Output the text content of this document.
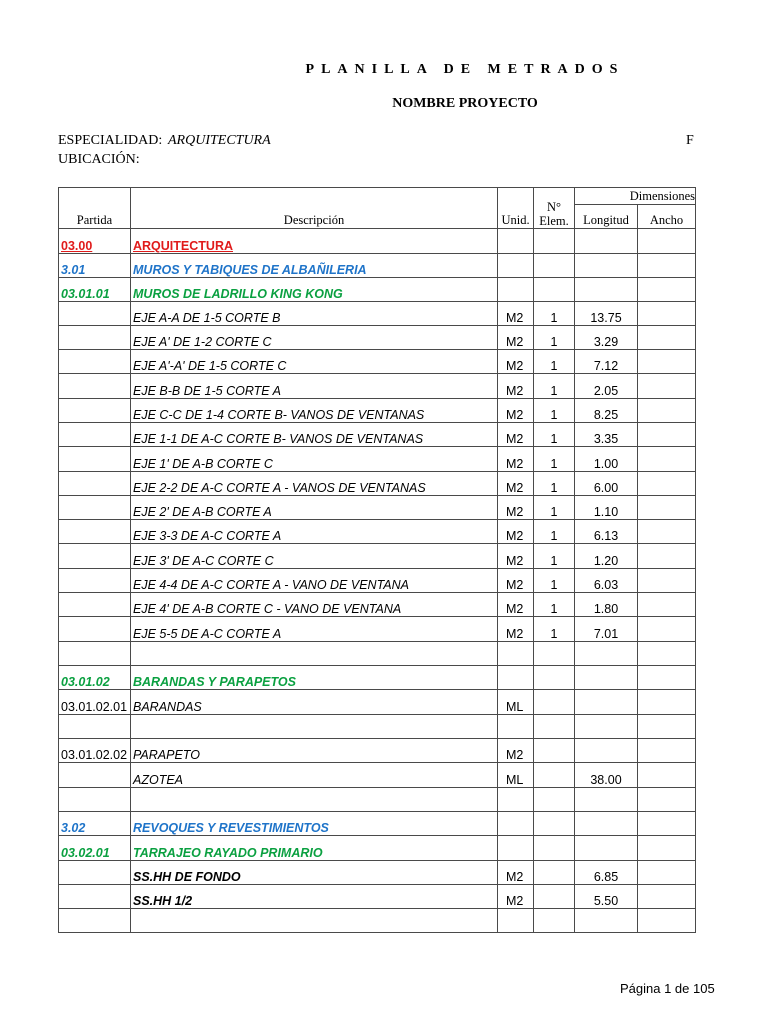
PLANILLA DE METRADOS
NOMBRE PROYECTO
ESPECIALIDAD: ARQUITECTURA
UBICACIÓN:
F
Partida	Descripción	Unid.	N° Elem.	Dimensiones	
				Longitud	Ancho
03.00	ARQUITECTURA				
3.01	MUROS Y TABIQUES DE ALBAÑILERIA				
03.01.01	MUROS DE LADRILLO KING KONG				
	EJE A-A DE 1-5 CORTE B	M2	1	13.75	
	EJE A' DE 1-2 CORTE C	M2	1	3.29	
	EJE A'-A' DE 1-5 CORTE C	M2	1	7.12	
	EJE B-B DE 1-5 CORTE A	M2	1	2.05	
	EJE C-C DE 1-4 CORTE B- VANOS DE VENTANAS	M2	1	8.25	
	EJE 1-1 DE A-C CORTE B- VANOS DE VENTANAS	M2	1	3.35	
	EJE 1' DE A-B CORTE C	M2	1	1.00	
	EJE 2-2 DE A-C CORTE A - VANOS DE VENTANAS	M2	1	6.00	
	EJE 2' DE A-B CORTE A	M2	1	1.10	
	EJE 3-3 DE A-C CORTE A	M2	1	6.13	
	EJE 3' DE A-C CORTE C	M2	1	1.20	
	EJE 4-4 DE A-C CORTE A - VANO DE VENTANA	M2	1	6.03	
	EJE 4' DE A-B CORTE C - VANO DE VENTANA	M2	1	1.80	
	EJE 5-5 DE A-C CORTE A	M2	1	7.01	

03.01.02	BARANDAS Y PARAPETOS				
03.01.02.01	BARANDAS	ML			

03.01.02.02	PARAPETO	M2			
	AZOTEA	ML		38.00	

3.02	REVOQUES Y REVESTIMIENTOS				
03.02.01	TARRAJEO RAYADO PRIMARIO				
	SS.HH DE FONDO	M2		6.85	
	SS.HH 1/2	M2		5.50	

Página 1 de 105
